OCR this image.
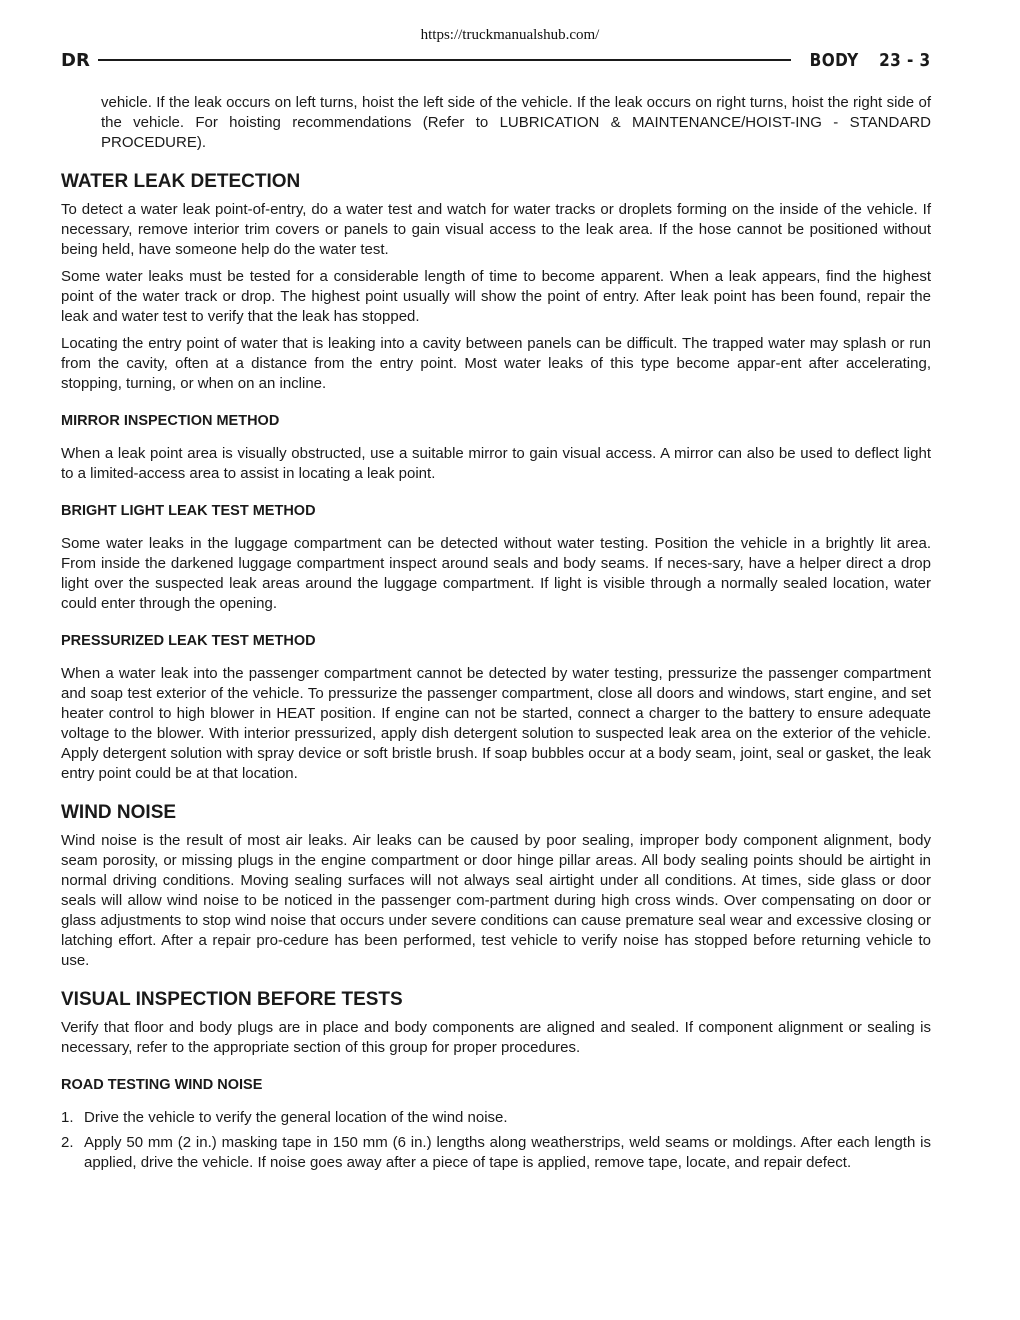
https://truckmanualshub.com/
DR	BODY 23 - 3

vehicle. If the leak occurs on left turns, hoist the left side of the vehicle. If the leak occurs on right turns, hoist the right side of the vehicle. For hoisting recommendations (Refer to LUBRICATION & MAINTENANCE/HOIST-ING - STANDARD PROCEDURE).

WATER LEAK DETECTION

To detect a water leak point-of-entry, do a water test and watch for water tracks or droplets forming on the inside of the vehicle. If necessary, remove interior trim covers or panels to gain visual access to the leak area. If the hose cannot be positioned without being held, have someone help do the water test.

Some water leaks must be tested for a considerable length of time to become apparent. When a leak appears, find the highest point of the water track or drop. The highest point usually will show the point of entry. After leak point has been found, repair the leak and water test to verify that the leak has stopped.

Locating the entry point of water that is leaking into a cavity between panels can be difficult. The trapped water may splash or run from the cavity, often at a distance from the entry point. Most water leaks of this type become appar-ent after accelerating, stopping, turning, or when on an incline.

MIRROR INSPECTION METHOD

When a leak point area is visually obstructed, use a suitable mirror to gain visual access. A mirror can also be used to deflect light to a limited-access area to assist in locating a leak point.

BRIGHT LIGHT LEAK TEST METHOD

Some water leaks in the luggage compartment can be detected without water testing. Position the vehicle in a brightly lit area. From inside the darkened luggage compartment inspect around seals and body seams. If neces-sary, have a helper direct a drop light over the suspected leak areas around the luggage compartment. If light is visible through a normally sealed location, water could enter through the opening.

PRESSURIZED LEAK TEST METHOD

When a water leak into the passenger compartment cannot be detected by water testing, pressurize the passenger compartment and soap test exterior of the vehicle. To pressurize the passenger compartment, close all doors and windows, start engine, and set heater control to high blower in HEAT position. If engine can not be started, connect a charger to the battery to ensure adequate voltage to the blower. With interior pressurized, apply dish detergent solution to suspected leak area on the exterior of the vehicle. Apply detergent solution with spray device or soft bristle brush. If soap bubbles occur at a body seam, joint, seal or gasket, the leak entry point could be at that location.

WIND NOISE

Wind noise is the result of most air leaks. Air leaks can be caused by poor sealing, improper body component alignment, body seam porosity, or missing plugs in the engine compartment or door hinge pillar areas. All body sealing points should be airtight in normal driving conditions. Moving sealing surfaces will not always seal airtight under all conditions. At times, side glass or door seals will allow wind noise to be noticed in the passenger com-partment during high cross winds. Over compensating on door or glass adjustments to stop wind noise that occurs under severe conditions can cause premature seal wear and excessive closing or latching effort. After a repair pro-cedure has been performed, test vehicle to verify noise has stopped before returning vehicle to use.

VISUAL INSPECTION BEFORE TESTS

Verify that floor and body plugs are in place and body components are aligned and sealed. If component alignment or sealing is necessary, refer to the appropriate section of this group for proper procedures.

ROAD TESTING WIND NOISE
1. Drive the vehicle to verify the general location of the wind noise.
2. Apply 50 mm (2 in.) masking tape in 150 mm (6 in.) lengths along weatherstrips, weld seams or moldings. After each length is applied, drive the vehicle. If noise goes away after a piece of tape is applied, remove tape, locate, and repair defect.
